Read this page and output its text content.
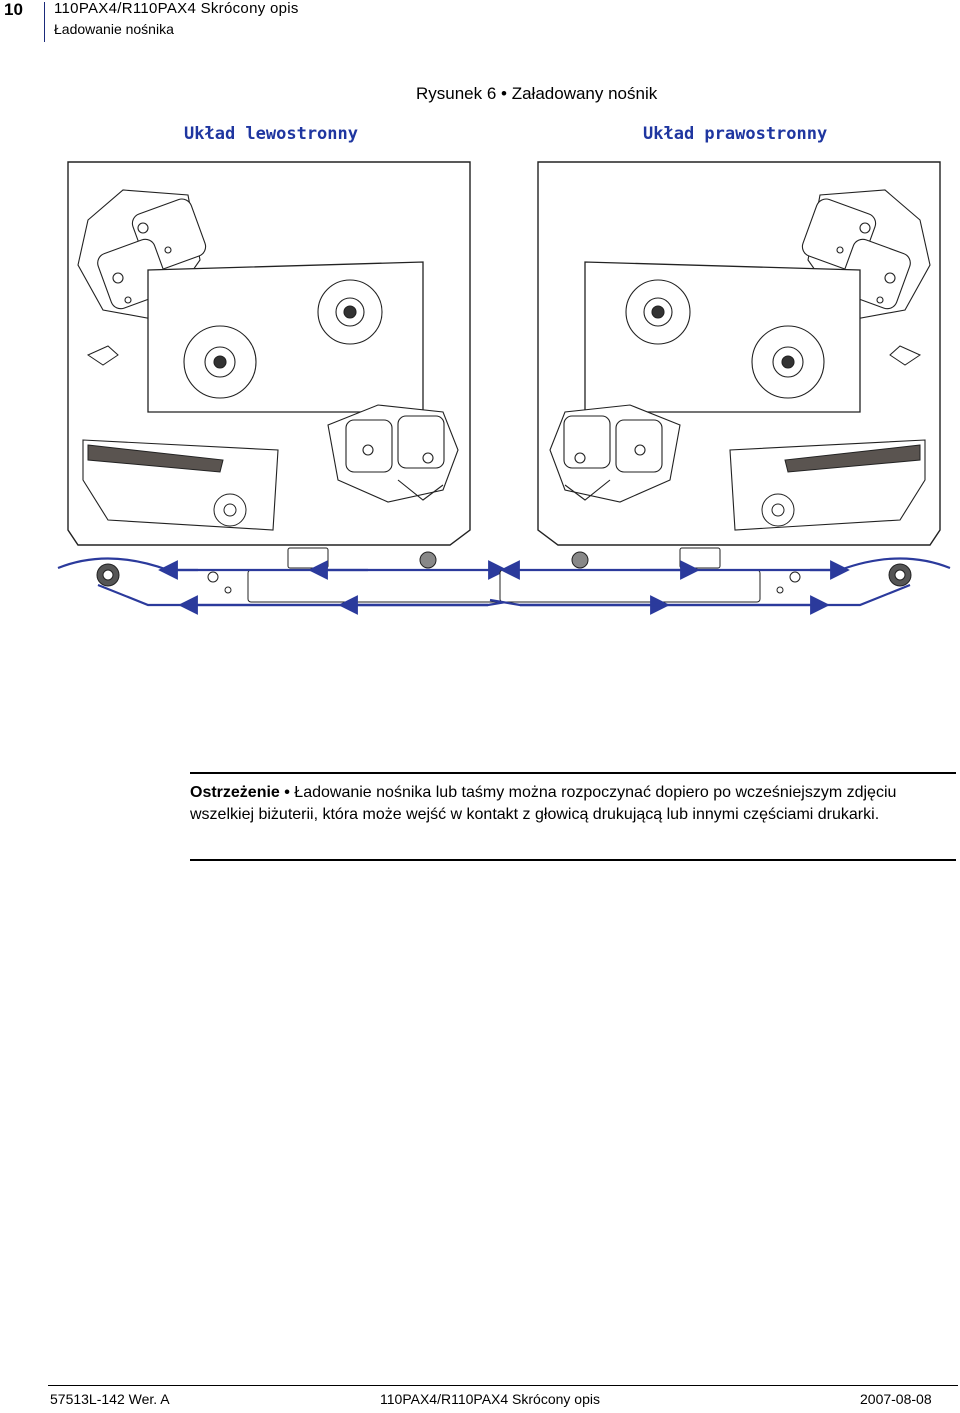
10 110PAX4/R110PAX4 Skrócony opis
Ładowanie nośnika
Rysunek 6 • Załadowany nośnik
Układ lewostronny	Układ prawostronny
Ostrzeżenie • Ładowanie nośnika lub taśmy można rozpoczynać dopiero po wcześniejszym zdjęciu wszelkiej biżuterii, która może wejść w kontakt z głowicą drukującą lub innymi częściami drukarki.
57513L-142 Wer. A	110PAX4/R110PAX4 Skrócony opis	2007-08-08
